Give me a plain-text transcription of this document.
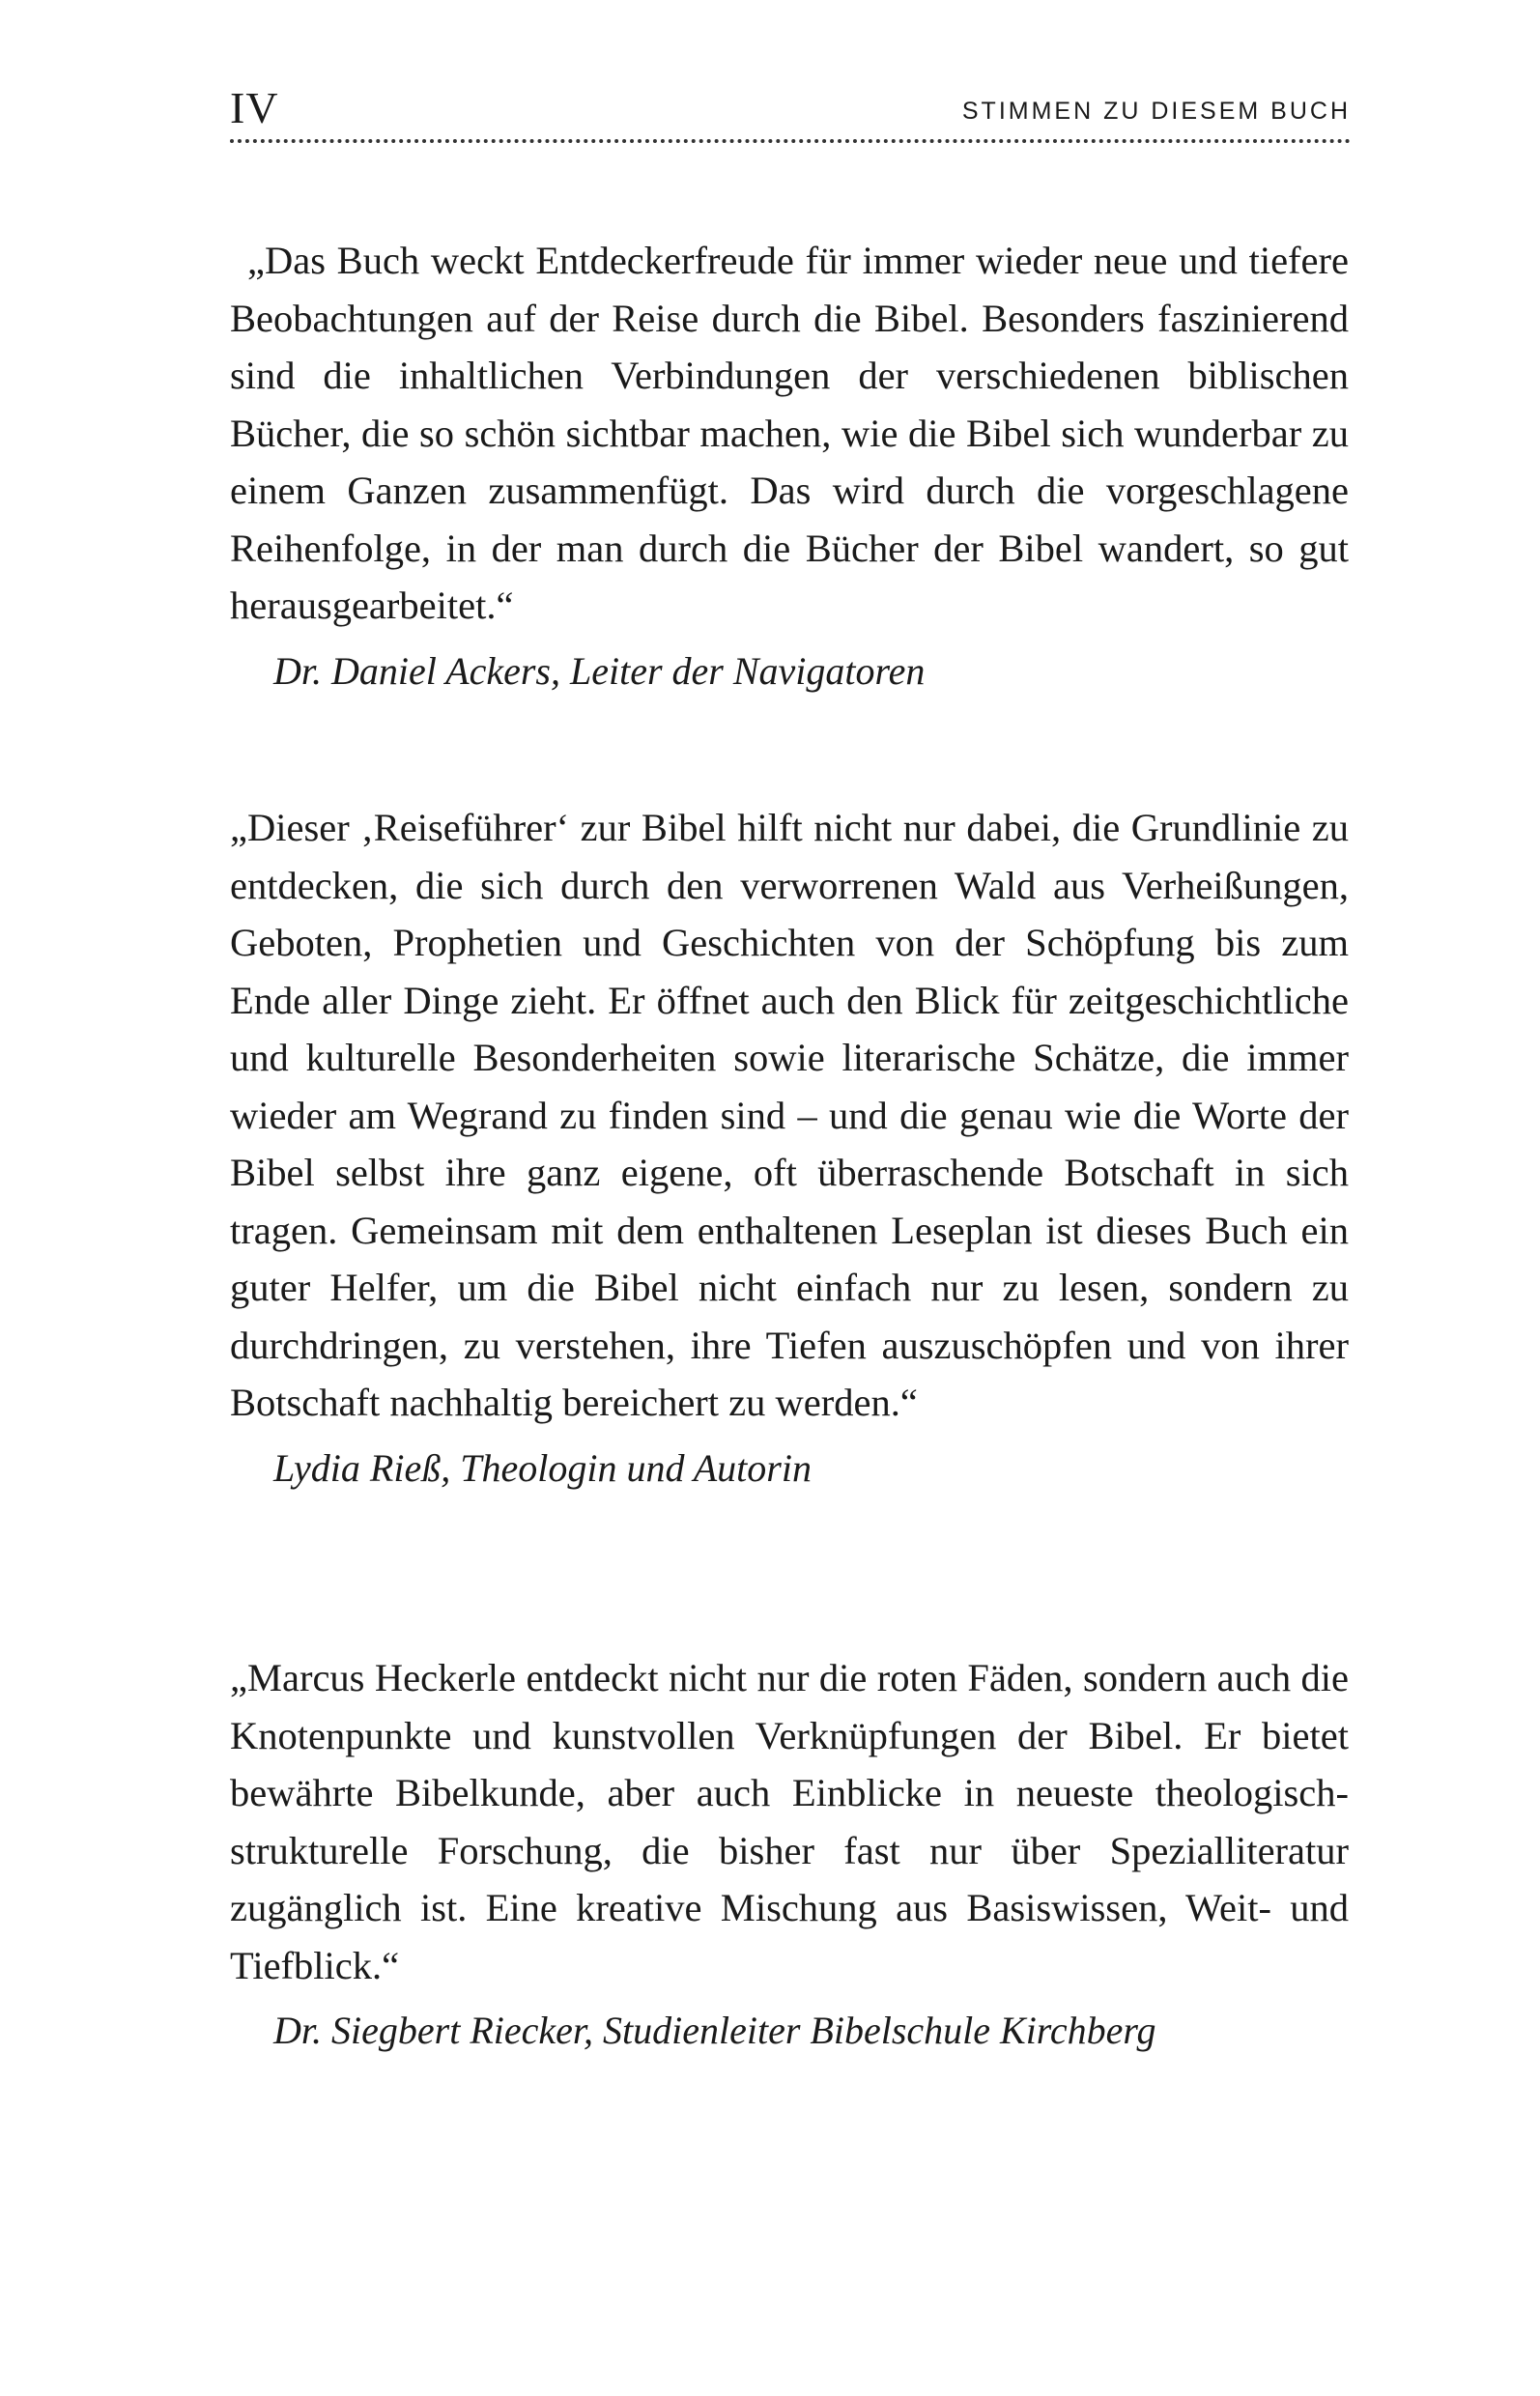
IV	STIMMEN ZU DIESEM BUCH

„Das Buch weckt Entdeckerfreude für immer wieder neue und tiefere Beobachtungen auf der Reise durch die Bibel. Besonders faszinierend sind die inhaltlichen Verbindungen der verschiedenen biblischen Bücher, die so schön sichtbar machen, wie die Bibel sich wunderbar zu einem Ganzen zusammenfügt. Das wird durch die vorgeschlagene Reihenfolge, in der man durch die Bücher der Bibel wandert, so gut herausgearbeitet.“

Dr. Daniel Ackers, Leiter der Navigatoren

„Dieser ‚Reiseführer‘ zur Bibel hilft nicht nur dabei, die Grundlinie zu entdecken, die sich durch den verworrenen Wald aus Verheißungen, Geboten, Prophetien und Geschichten von der Schöpfung bis zum Ende aller Dinge zieht. Er öffnet auch den Blick für zeitgeschichtliche und kulturelle Besonderheiten sowie literarische Schätze, die immer wieder am Wegrand zu finden sind – und die genau wie die Worte der Bibel selbst ihre ganz eigene, oft überraschende Botschaft in sich tragen. Gemeinsam mit dem enthaltenen Leseplan ist dieses Buch ein guter Helfer, um die Bibel nicht einfach nur zu lesen, sondern zu durchdringen, zu verstehen, ihre Tiefen auszuschöpfen und von ihrer Botschaft nachhaltig bereichert zu werden.“

Lydia Rieß, Theologin und Autorin

„Marcus Heckerle entdeckt nicht nur die roten Fäden, sondern auch die Knotenpunkte und kunstvollen Verknüpfungen der Bibel. Er bietet bewährte Bibelkunde, aber auch Einblicke in neueste theologisch-strukturelle Forschung, die bisher fast nur über Spezialliteratur zugänglich ist. Eine kreative Mischung aus Basiswissen, Weit- und Tiefblick.“

Dr. Siegbert Riecker, Studienleiter Bibelschule Kirchberg
